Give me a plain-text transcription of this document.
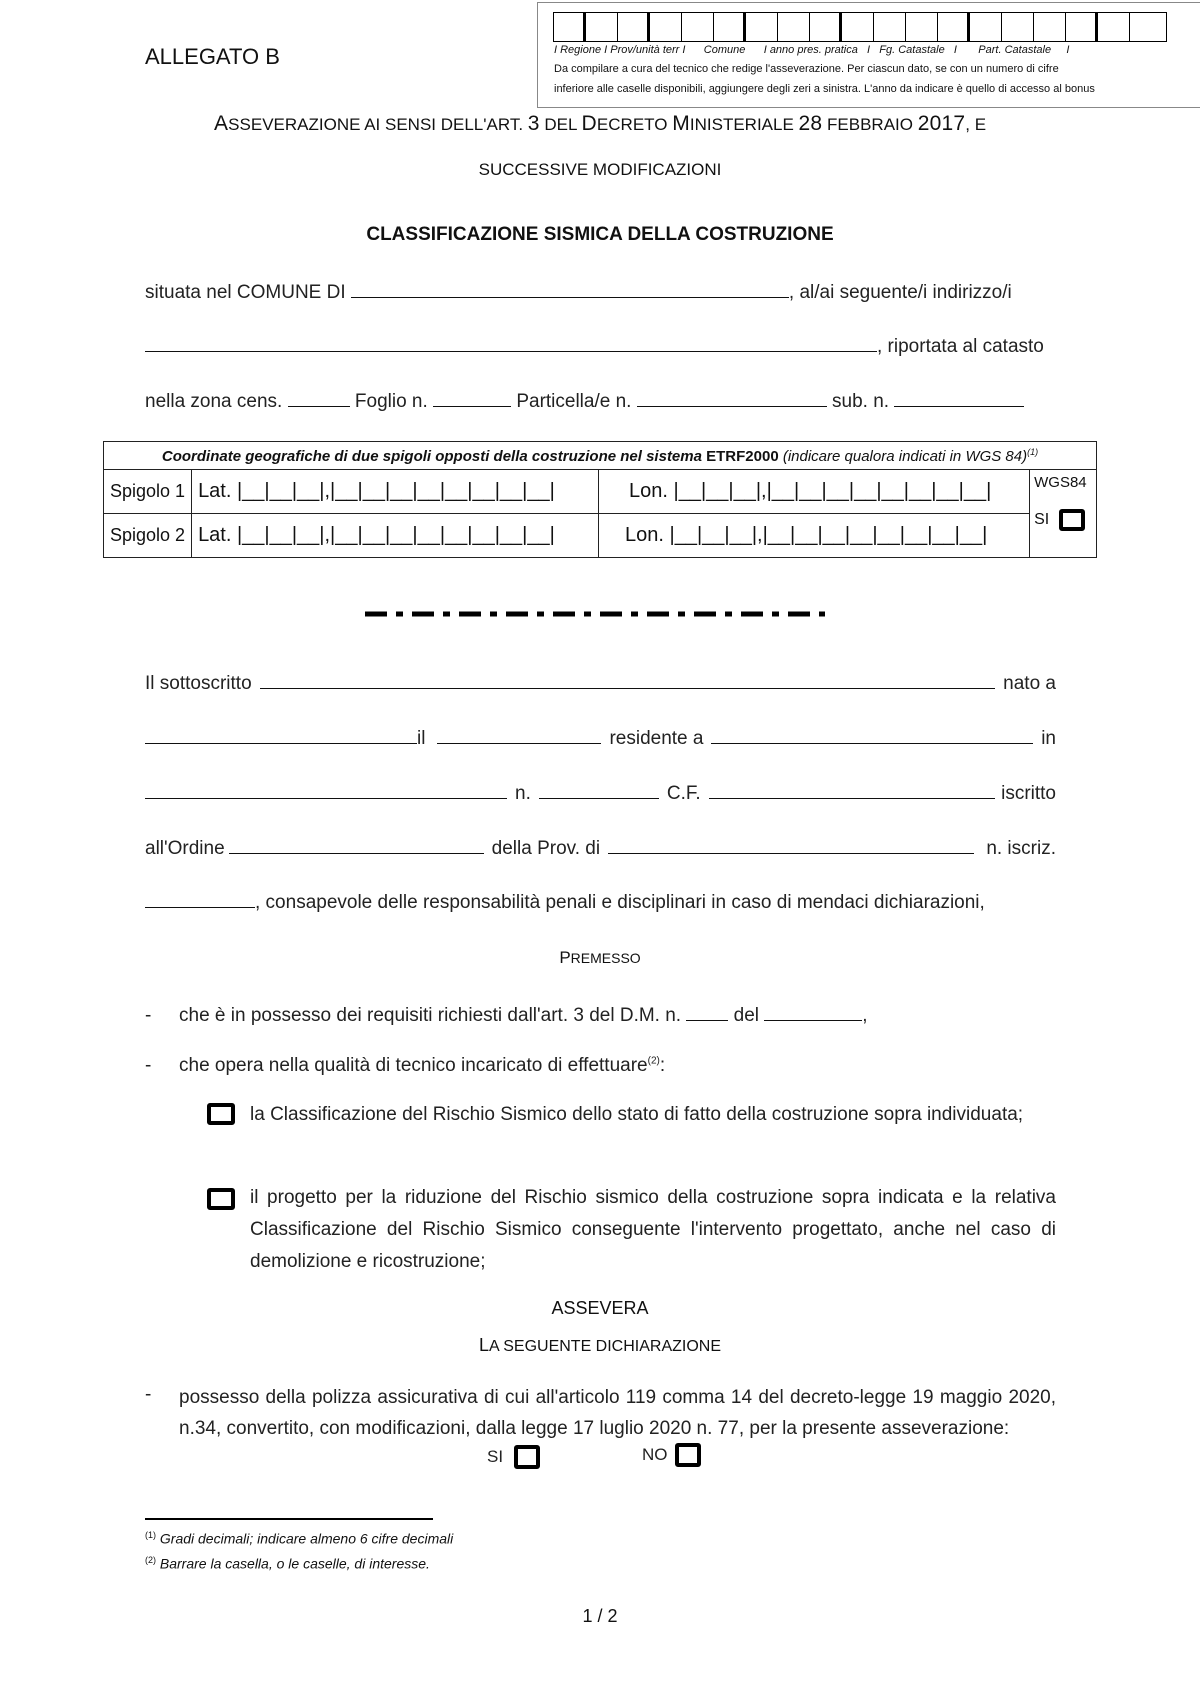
ALLEGATO B	I Regione I Prov/unità terr I      Comune      I anno pres. pratica   I   Fg. Catastale   I       Part. Catastale     I
Da compilare a cura del tecnico che redige l'asseverazione. Per ciascun dato, se con un numero di cifre
inferiore alle caselle disponibili, aggiungere degli zeri a sinistra. L'anno da indicare è quello di accesso al bonus
ASSEVERAZIONE AI SENSI DELL'ART. 3 DEL DECRETO MINISTERIALE 28 FEBBRAIO 2017, E
SUCCESSIVE MODIFICAZIONI
CLASSIFICAZIONE SISMICA DELLA COSTRUZIONE
situata nel COMUNE DI	, al/ai seguente/i indirizzo/i
, riportata al catasto
nella zona cens.	Foglio n.	Particella/e n.	sub. n.
Coordinate geografiche di due spigoli opposti della costruzione nel sistema ETRF2000 (indicare qualora indicati in WGS 84)$^{(1)}$
Spigolo 1	Lat. |__|__|__|,|__|__|__|__|__|__|__|__|	Lon. |__|__|__|,|__|__|__|__|__|__|__|__|	WGS84
SI

Spigolo 2	Lat. |__|__|__|,|__|__|__|__|__|__|__|__|	Lon. |__|__|__|,|__|__|__|__|__|__|__|__|	
Il sottoscritto	nato a
il	residente a	in
n.	C.F.	iscritto
all'Ordine	della Prov. di	n. iscriz.
, consapevole delle responsabilità penali e disciplinari in caso di mendaci dichiarazioni,
PREMESSO
- che è in possesso dei requisiti richiesti dall'art. 3 del D.M. n.	del	,
- che opera nella qualità di tecnico incaricato di effettuare$^{(2)}$:
la Classificazione del Rischio Sismico dello stato di fatto della costruzione sopra individuata;
il progetto per la riduzione del Rischio sismico della costruzione sopra indicata e la relativa Classificazione del Rischio Sismico conseguente l'intervento progettato, anche nel caso di demolizione e ricostruzione;
ASSEVERA
LA SEGUENTE DICHIARAZIONE
- possesso della polizza assicurativa di cui all'articolo 119 comma 14 del decreto-legge 19 maggio 2020, n.34, convertito, con modificazioni, dalla legge 17 luglio 2020 n. 77, per la presente asseverazione:
SI	NO
$^{(1)}$ Gradi decimali; indicare almeno 6 cifre decimali
$^{(2)}$ Barrare la casella, o le caselle, di interesse.
1 / 2
